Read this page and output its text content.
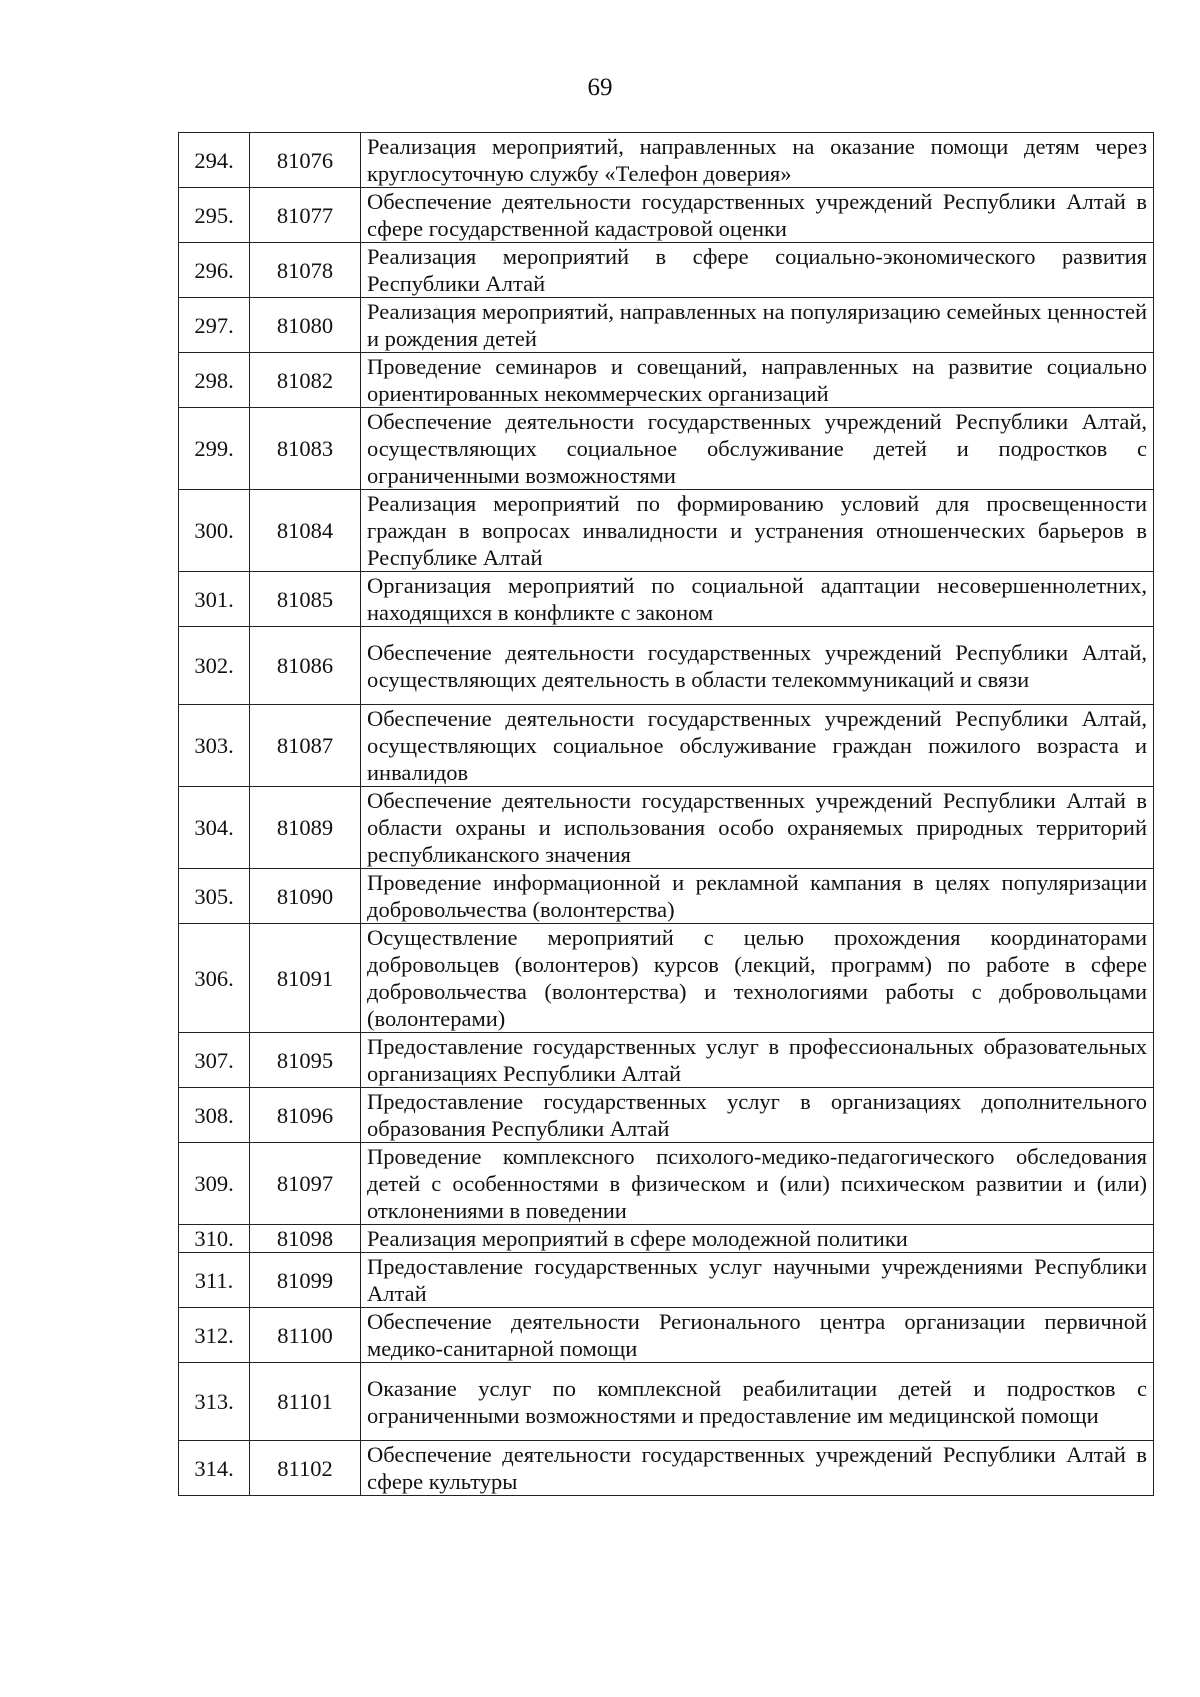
69
294.	81076	Реализация мероприятий, направленных на оказание помощи детям через круглосуточную службу «Телефон доверия»
295.	81077	Обеспечение деятельности государственных учреждений Республики Алтай в сфере государственной кадастровой оценки
296.	81078	Реализация мероприятий в сфере социально-экономического развития Республики Алтай
297.	81080	Реализация мероприятий, направленных на популяризацию семейных ценностей и рождения детей
298.	81082	Проведение семинаров и совещаний, направленных на развитие социально ориентированных некоммерческих организаций
299.	81083	Обеспечение деятельности государственных учреждений Республики Алтай, осуществляющих социальное обслуживание детей и подростков с ограниченными возможностями
300.	81084	Реализация мероприятий по формированию условий для просвещенности граждан в вопросах инвалидности и устранения отношенческих барьеров в Республике Алтай
301.	81085	Организация мероприятий по социальной адаптации несовершеннолетних, находящихся в конфликте с законом
302.	81086	Обеспечение деятельности государственных учреждений Республики Алтай, осуществляющих деятельность в области телекоммуникаций и связи
303.	81087	Обеспечение деятельности государственных учреждений Республики Алтай, осуществляющих социальное обслуживание граждан пожилого возраста и инвалидов
304.	81089	Обеспечение деятельности государственных учреждений Республики Алтай в области охраны и использования особо охраняемых природных территорий республиканского значения
305.	81090	Проведение информационной и рекламной кампания в целях популяризации добровольчества (волонтерства)
306.	81091	Осуществление мероприятий с целью прохождения координаторами добровольцев (волонтеров) курсов (лекций, программ) по работе в сфере добровольчества (волонтерства) и технологиями работы с добровольцами (волонтерами)
307.	81095	Предоставление государственных услуг в профессиональных образовательных организациях Республики Алтай
308.	81096	Предоставление государственных услуг в организациях дополнительного образования Республики Алтай
309.	81097	Проведение комплексного психолого-медико-педагогического обследования детей с особенностями в физическом и (или) психическом развитии и (или) отклонениями в поведении
310.	81098	Реализация мероприятий в сфере молодежной политики
311.	81099	Предоставление государственных услуг научными учреждениями Республики Алтай
312.	81100	Обеспечение деятельности Регионального центра организации первичной медико-санитарной помощи
313.	81101	Оказание услуг по комплексной реабилитации детей и подростков с ограниченными возможностями и предоставление им медицинской помощи
314.	81102	Обеспечение деятельности государственных учреждений Республики Алтай в сфере культуры
